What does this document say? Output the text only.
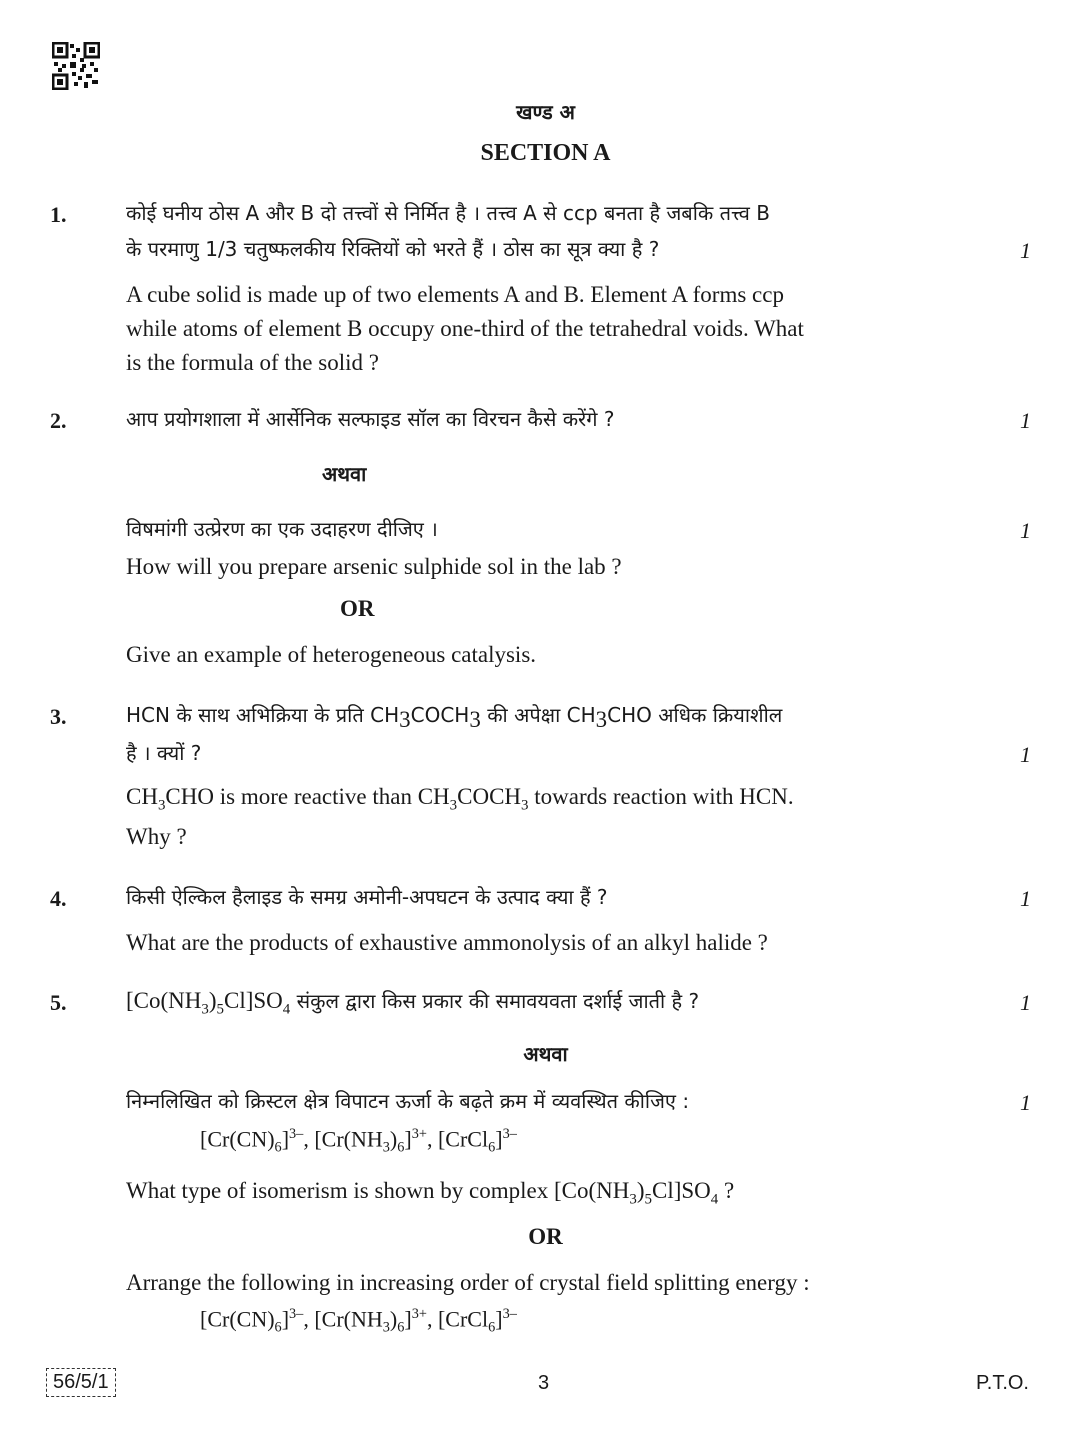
खण्ड अ
SECTION A
1.	कोई घनीय ठोस A और B दो तत्त्वों से निर्मित है । तत्त्व A से ccp बनता है जबकि तत्त्व B
के परमाणु 1/3 चतुष्फलकीय रिक्तियों को भरते हैं । ठोस का सूत्र क्या है ?	1
A cube solid is made up of two elements A and B. Element A forms ccp
while atoms of element B occupy one-third of the tetrahedral voids. What
is the formula of the solid ?
2.	आप प्रयोगशाला में आर्सेनिक सल्फाइड सॉल का विरचन कैसे करेंगे ?	1
अथवा
विषमांगी उत्प्रेरण का एक उदाहरण दीजिए ।	1
How will you prepare arsenic sulphide sol in the lab ?
OR
Give an example of heterogeneous catalysis.
3.	HCN के साथ अभिक्रिया के प्रति $CH_3COCH_3$ की अपेक्षा $CH_3CHO$ अधिक क्रियाशील
है । क्यों ?	1
$CH_3CHO$ is more reactive than $CH_3COCH_3$ towards reaction with HCN.
Why ?
4.	किसी ऐल्किल हैलाइड के समग्र अमोनी-अपघटन के उत्पाद क्या हैं ?	1
What are the products of exhaustive ammonolysis of an alkyl halide ?
5.	$[Co(NH_3)_5Cl]SO_4$ संकुल द्वारा किस प्रकार की समावयवता दर्शाई जाती है ?	1
अथवा
निम्नलिखित को क्रिस्टल क्षेत्र विपाटन ऊर्जा के बढ़ते क्रम में व्यवस्थित कीजिए :	1
$[Cr(CN)_6]^{3-}$, $[Cr(NH_3)_6]^{3+}$, [CrCl$_6$]$^{3-}$
What type of isomerism is shown by complex $[Co(NH_3)_5Cl]SO_4$ ?
OR
Arrange the following in increasing order of crystal field splitting energy :
$[Cr(CN)_6]^{3-}$, $[Cr(NH_3)_6]^{3+}$, [CrCl$_6$]$^{3-}$
56/5/1	3	P.T.O.
